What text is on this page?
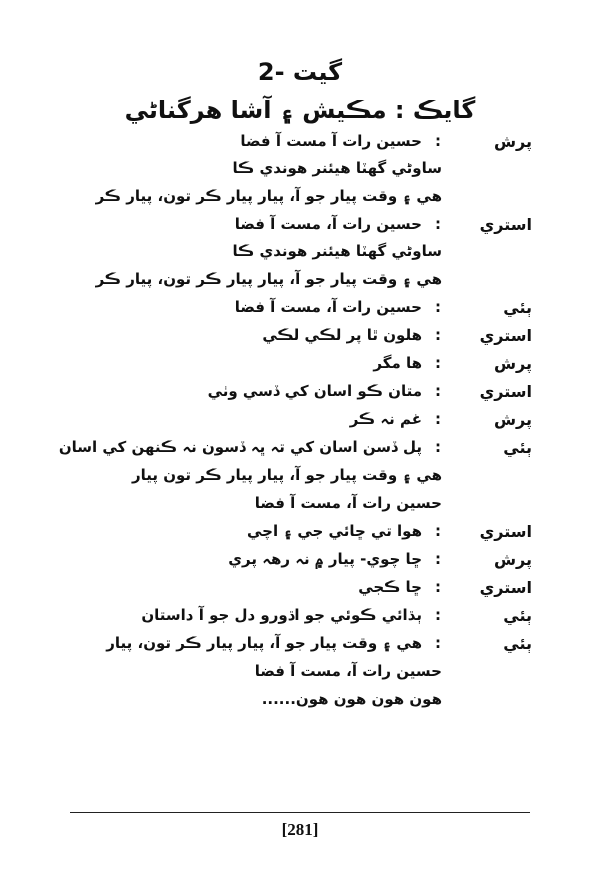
گيت -2
گايڪ : مڪيش ۽ آشا هرگناڻي
پرش
:
حسين رات آ مست آ فضا
ساوڻي گھٽا هيئنر هوندي ڪا
هي ۽ وقت پيار جو آ، پيار پيار ڪر تون، پيار ڪر
استري
:
حسين رات آ، مست آ فضا
ساوڻي گھٽا هيئنر هوندي ڪا
هي ۽ وقت پيار جو آ، پيار پيار ڪر تون، پيار ڪر
ٻئي
:
حسين رات آ، مست آ فضا
استري
:
هلون ٿا پر لڪي لڪي
پرش
:
ها مگر
استري
:
متان ڪو اسان کي ڏسي وٺي
پرش
:
غم نہ ڪر
ٻئي
:
پل ڏسن اسان کي تہ ڀہ ڏسون نہ ڪنهن کي اسان
هي ۽ وقت پيار جو آ، پيار پيار ڪر تون پيار
حسين رات آ، مست آ فضا
استري
:
هوا تي ڇائي جي ۽ اچي
پرش
:
ڇا چوي- پيار ۾ نہ رهہ پري
استري
:
ڇا ڪجي
ٻئي
:
ٻڌائي ڪوئي جو اڌورو دل جو آ داستان
ٻئي
:
هي ۽ وقت پيار جو آ، پيار پيار ڪر تون، پيار
حسين رات آ، مست آ فضا
هون هون هون هون......
[281]
